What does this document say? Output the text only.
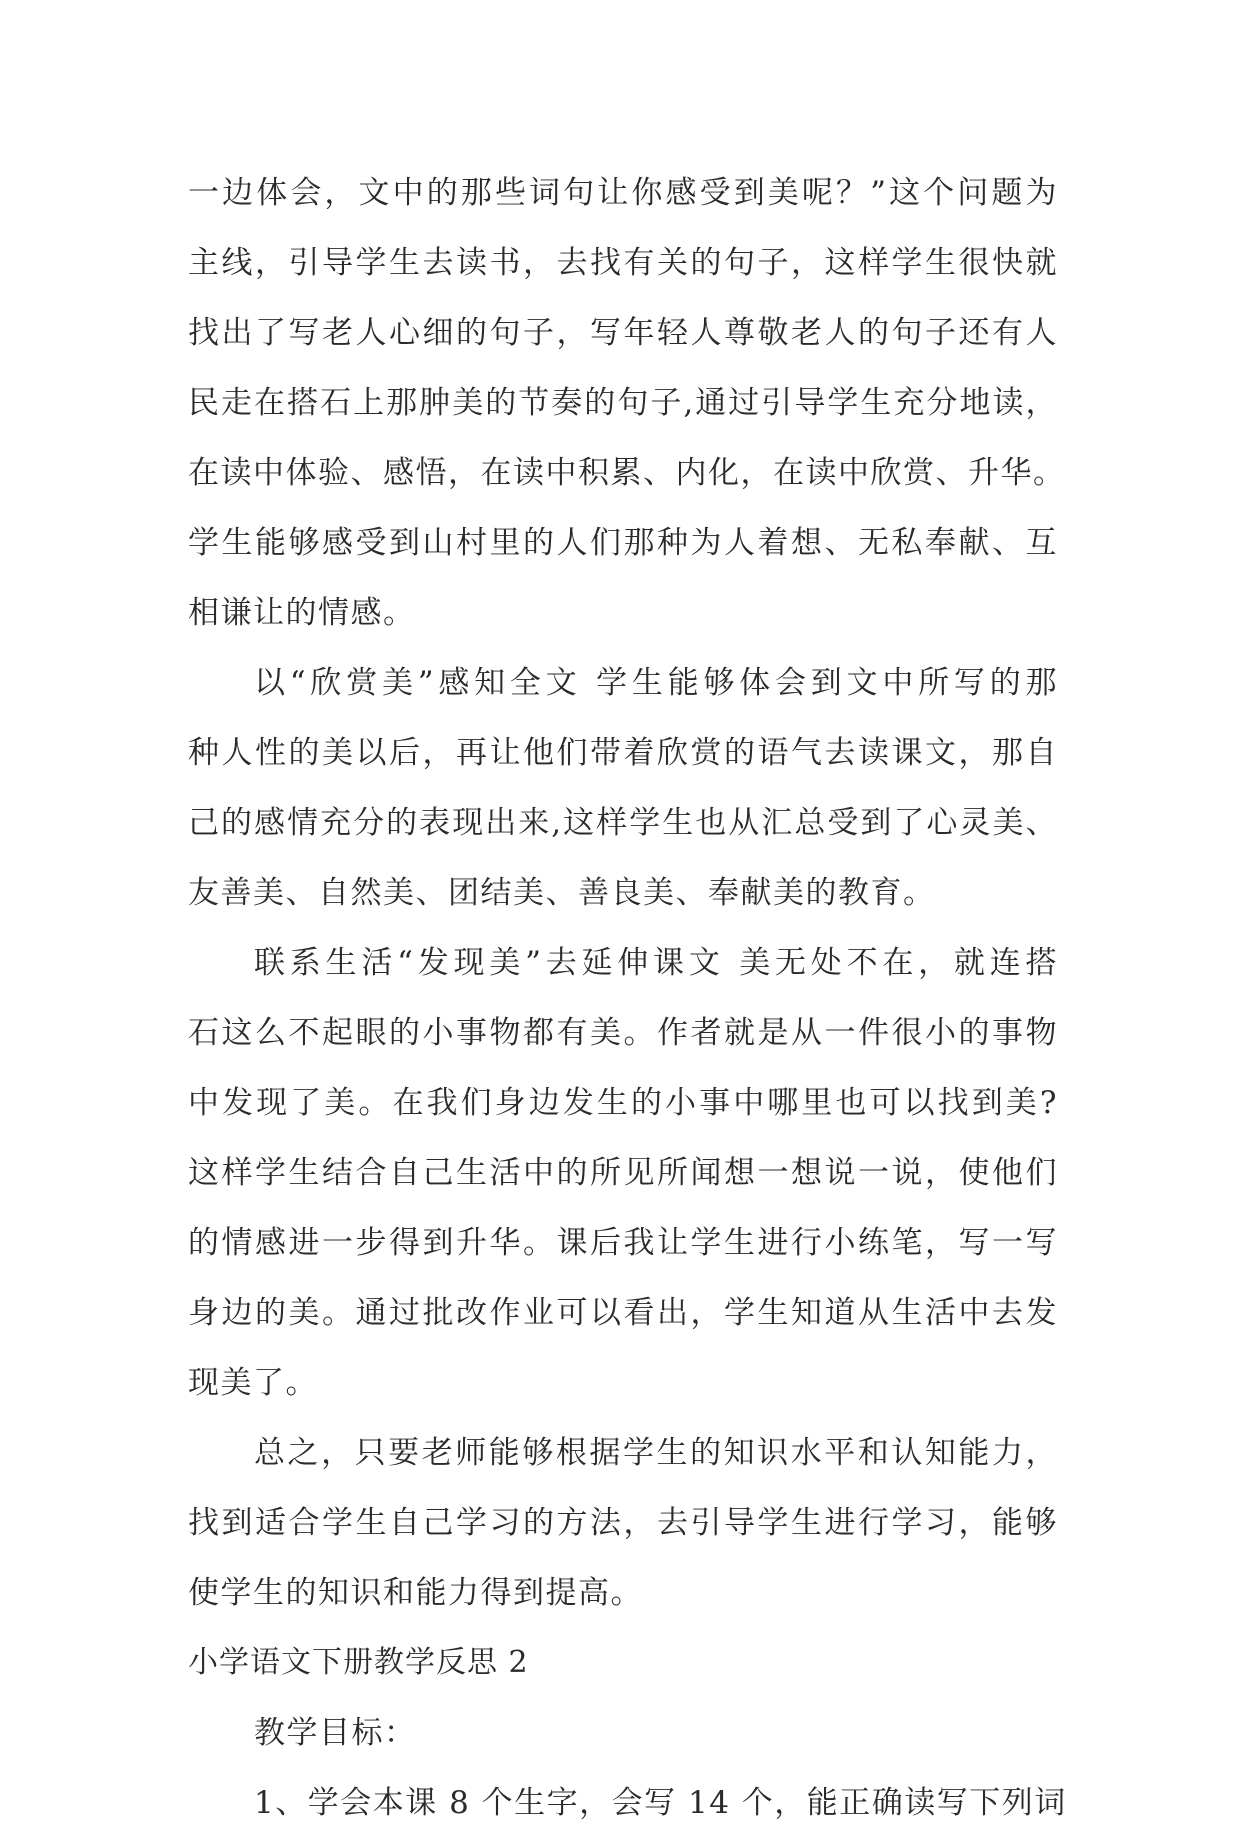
一边体会，文中的那些词句让你感受到美呢？”这个问题为
主线，引导学生去读书，去找有关的句子，这样学生很快就
找出了写老人心细的句子，写年轻人尊敬老人的句子还有人
民走在搭石上那肿美的节奏的句子,通过引导学生充分地读，
在读中体验、感悟，在读中积累、内化，在读中欣赏、升华。
学生能够感受到山村里的人们那种为人着想、无私奉献、互
相谦让的情感。
以“欣赏美”感知全文 学生能够体会到文中所写的那
种人性的美以后，再让他们带着欣赏的语气去读课文，那自
己的感情充分的表现出来,这样学生也从汇总受到了心灵美、
友善美、自然美、团结美、善良美、奉献美的教育。
联系生活“发现美”去延伸课文 美无处不在，就连搭
石这么不起眼的小事物都有美。作者就是从一件很小的事物
中发现了美。在我们身边发生的小事中哪里也可以找到美?
这样学生结合自己生活中的所见所闻想一想说一说，使他们
的情感进一步得到升华。课后我让学生进行小练笔，写一写
身边的美。通过批改作业可以看出，学生知道从生活中去发
现美了。
总之，只要老师能够根据学生的知识水平和认知能力，
找到适合学生自己学习的方法，去引导学生进行学习，能够
使学生的知识和能力得到提高。
小学语文下册教学反思 2
教学目标：
1、学会本课 8 个生字，会写 14 个，能正确读写下列词
